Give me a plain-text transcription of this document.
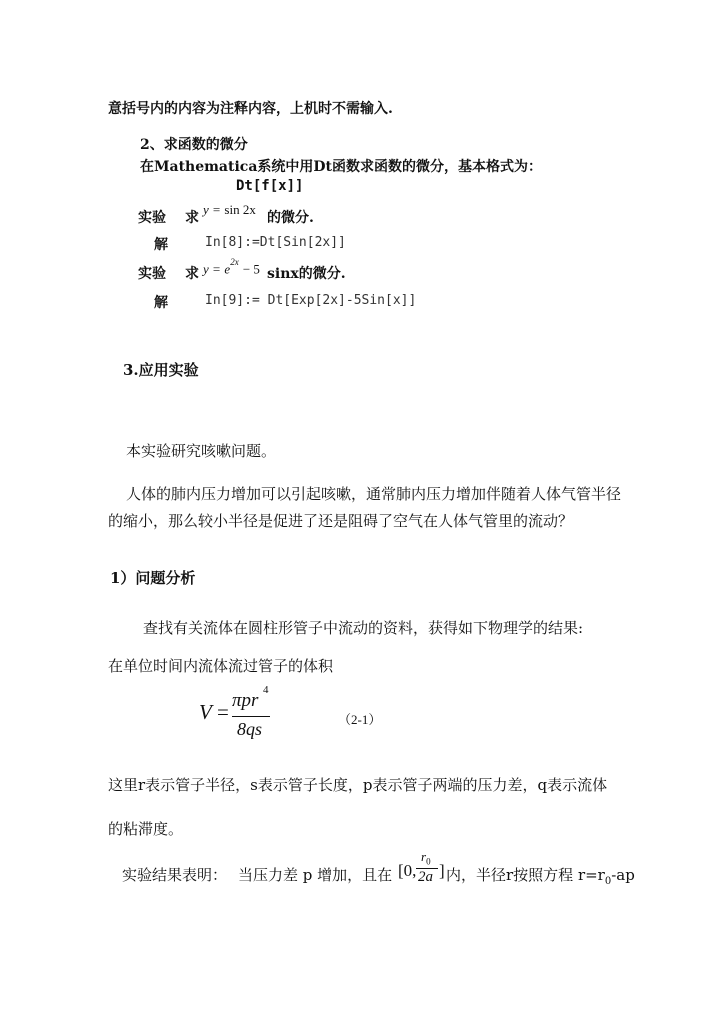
意括号内的内容为注释内容，上机时不需输入.
2、求函数的微分
在Mathematica系统中用Dt函数求函数的微分，基本格式为：
Dt[f[x]]
实验 求
y = sin 2x
的微分.
解	In[8]:=Dt[Sin[2x]]
实验 求 $y = e^{2x} - 5$ sinx的微分.
解	In[9]:= Dt[Exp[2x]-5Sin[x]]
3.应用实验
本实验研究咳嗽问题。
人体的肺内压力增加可以引起咳嗽，通常肺内压力增加伴随着人体气管半径
的缩小，那么较小半径是促进了还是阻碍了空气在人体气管里的流动？
1）问题分析
查找有关流体在圆柱形管子中流动的资料，获得如下物理学的结果:
在单位时间内流体流过管子的体积
V = πpr 4
8qs	（2-1）
这里r表示管子半径，s表示管子长度，p表示管子两端的压力差，q表示流体
的粘滞度。
实验结果表明： 当压力差 p 增加，且在 [0,
$r_0$
2a ] 内，半径r按照方程 $r=r_0-ap$
